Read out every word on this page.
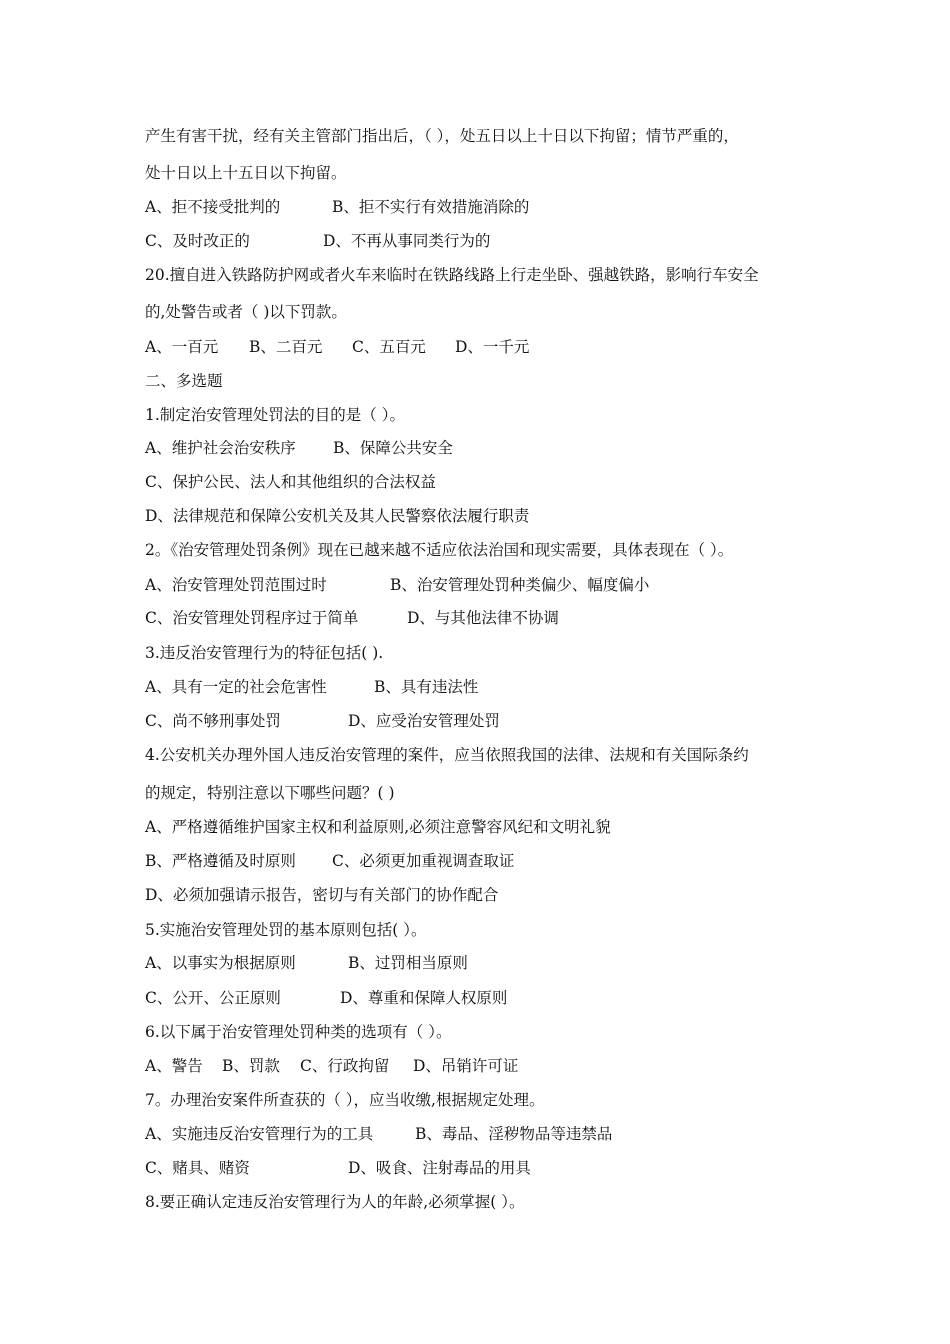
产生有害干扰，经有关主管部门指出后，（ ），处五日以上十日以下拘留；情节严重的，
处十日以上十五日以下拘留。
A、拒不接受批判的	B、拒不实行有效措施消除的
C、及时改正的	D、不再从事同类行为的
20.擅自进入铁路防护网或者火车来临时在铁路线路上行走坐卧、强越铁路，影响行车安全
的,处警告或者（ )以下罚款。
A、一百元 B、二百元 C、五百元 D、一千元
二、多选题
1.制定治安管理处罚法的目的是（ ）。
A、维护社会治安秩序 B、保障公共安全
C、保护公民、法人和其他组织的合法权益
D、法律规范和保障公安机关及其人民警察依法履行职责
2。《治安管理处罚条例》现在已越来越不适应依法治国和现实需要，具体表现在（ ）。
A、治安管理处罚范围过时	B、治安管理处罚种类偏少、幅度偏小
C、治安管理处罚程序过于简单	D、与其他法律不协调
3.违反治安管理行为的特征包括( ).
A、具有一定的社会危害性	B、具有违法性
C、尚不够刑事处罚	D、应受治安管理处罚
4.公安机关办理外国人违反治安管理的案件，应当依照我国的法律、法规和有关国际条约
的规定，特别注意以下哪些问题？( )
A、严格遵循维护国家主权和利益原则,必须注意警容风纪和文明礼貌
B、严格遵循及时原则 C、必须更加重视调查取证
D、必须加强请示报告，密切与有关部门的协作配合
5.实施治安管理处罚的基本原则包括( ）。
A、以事实为根据原则	B、过罚相当原则
C、公开、公正原则	D、尊重和保障人权原则
6.以下属于治安管理处罚种类的选项有（ ）。
A、警告 B、罚款 C、行政拘留 D、吊销许可证
7。办理治安案件所查获的（ ），应当收缴,根据规定处理。
A、实施违反治安管理行为的工具	B、毒品、淫秽物品等违禁品
C、赌具、赌资	D、吸食、注射毒品的用具
8.要正确认定违反治安管理行为人的年龄,必须掌握( ）。
